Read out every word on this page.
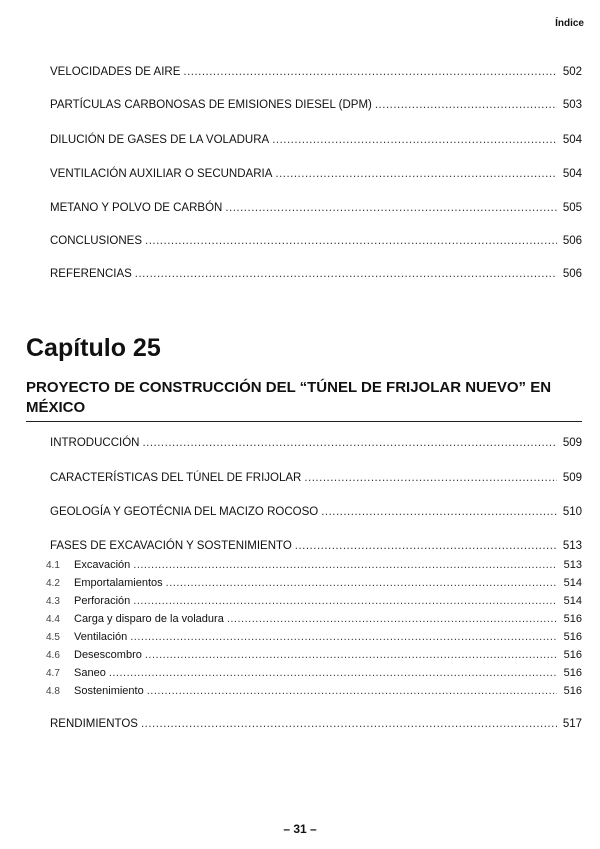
Índice
VELOCIDADES DE AIRE .....	502
PARTÍCULAS CARBONOSAS DE EMISIONES DIESEL (DPM) .....	503
DILUCIÓN DE GASES DE LA VOLADURA .....	504
VENTILACIÓN AUXILIAR O SECUNDARIA .....	504
METANO Y POLVO DE CARBÓN .....	505
CONCLUSIONES .....	506
REFERENCIAS .....	506
Capítulo 25
PROYECTO DE CONSTRUCCIÓN DEL “TÚNEL DE FRIJOLAR NUEVO” EN MÉXICO
INTRODUCCIÓN .....	509
CARACTERÍSTICAS DEL TÚNEL DE FRIJOLAR .....	509
GEOLOGÍA Y GEOTÉCNIA DEL MACIZO ROCOSO .....	510
FASES DE EXCAVACIÓN Y SOSTENIMIENTO .....	513
4.1	Excavación .....	513
4.2	Emportalamientos .....	514
4.3	Perforación .....	514
4.4	Carga y disparo de la voladura .....	516
4.5	Ventilación .....	516
4.6	Desescombro .....	516
4.7	Saneo .....	516
4.8	Sostenimiento .....	516
RENDIMIENTOS .....	517
– 31 –
